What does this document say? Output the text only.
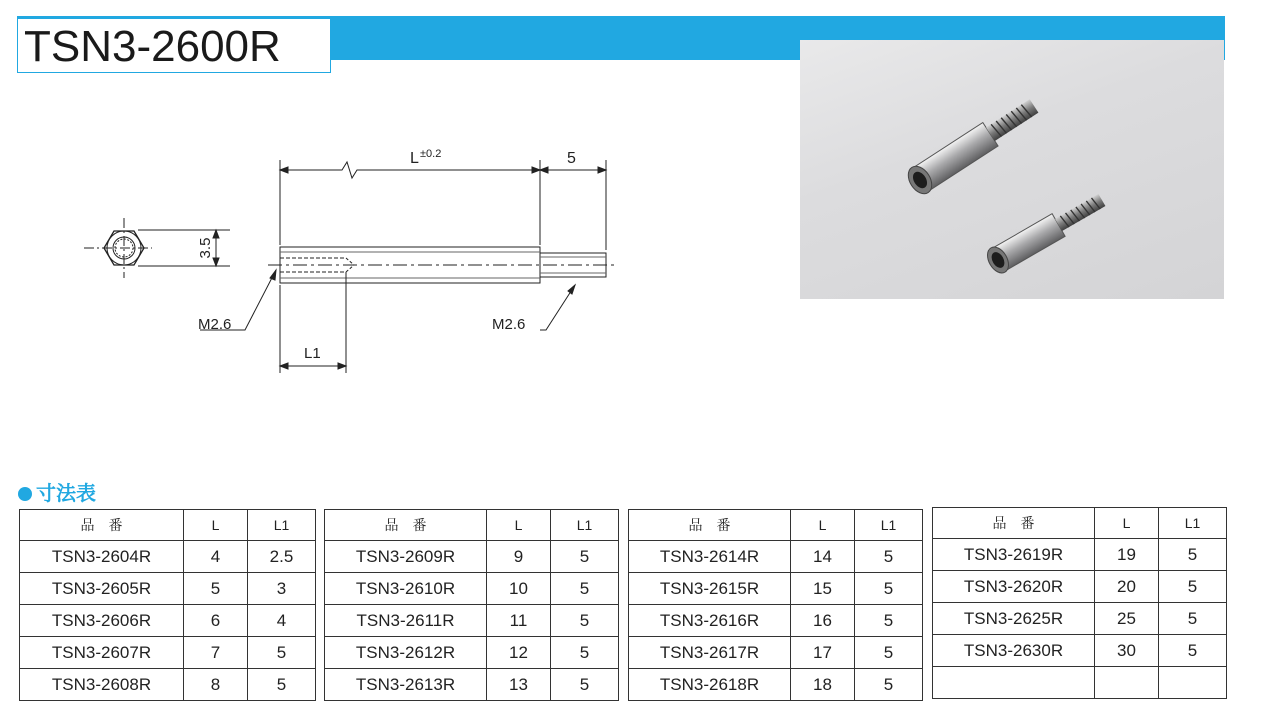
TSN3-2600R
3.5
L ±0.2	5
M2.6	M2.6
L1
寸法表
品　番	L	L1
TSN3-2604R	4	2.5
TSN3-2605R	5	3
TSN3-2606R	6	4
TSN3-2607R	7	5
TSN3-2608R	8	5
品　番	L	L1
TSN3-2609R	9	5
TSN3-2610R	10	5
TSN3-2611R	11	5
TSN3-2612R	12	5
TSN3-2613R	13	5
品　番	L	L1
TSN3-2614R	14	5
TSN3-2615R	15	5
TSN3-2616R	16	5
TSN3-2617R	17	5
TSN3-2618R	18	5
品　番	L	L1
TSN3-2619R	19	5
TSN3-2620R	20	5
TSN3-2625R	25	5
TSN3-2630R	30	5
